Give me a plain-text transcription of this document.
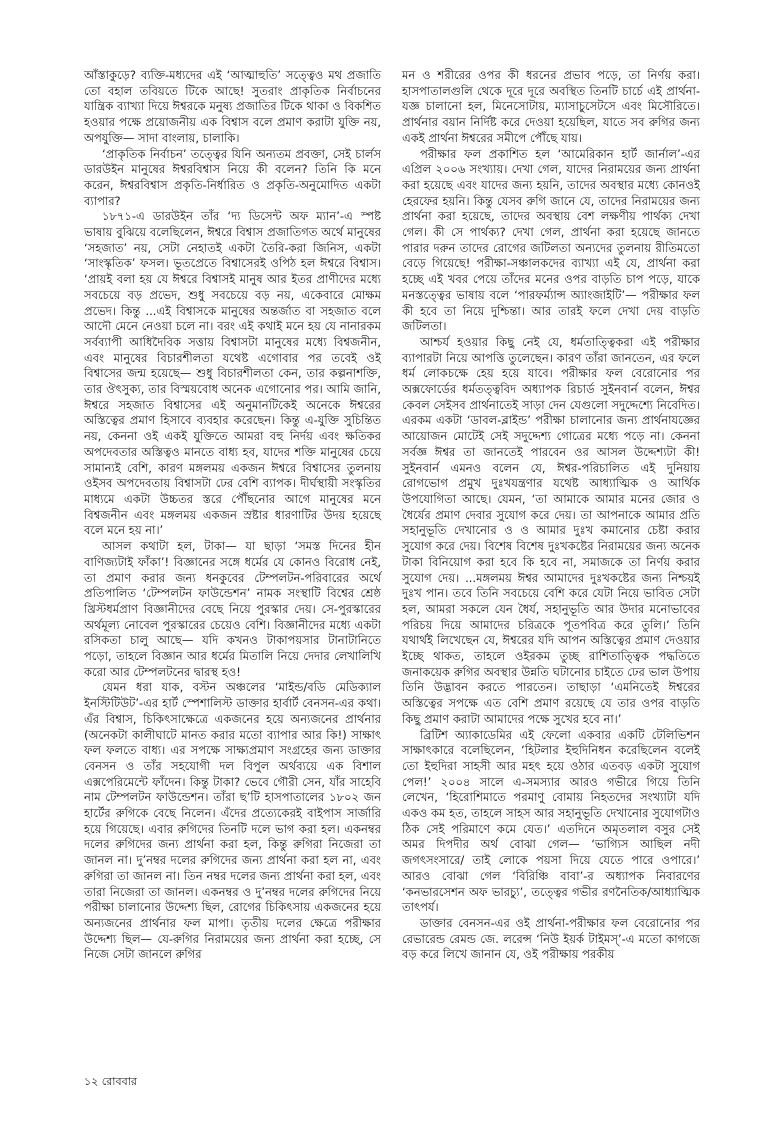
আঁস্তাকুড়ে? ব্যক্তি-মধ্যদের এই ‘আত্মাহুতি’ সত্ত্বেও মথ প্রজাতি তো বহাল তবিয়তে টিকে আছে! সুতরাং প্রাকৃতিক নির্বাচনের যান্ত্রিক ব্যাখ্যা দিয়ে ঈশ্বরকে মনুষ্য প্রজাতির টিকে থাকা ও বিকশিত হওয়ার পক্ষে প্রয়োজনীয় এক বিশ্বাস বলে প্রমাণ করাটা যুক্তি নয়, অপযুক্তি— সাদা বাংলায়, চালাকি।

‘প্রাকৃতিক নির্বাচন’ তত্ত্বের যিনি অন্যতম প্রবক্তা, সেই চার্লস ডারউইন মানুষের ঈশ্বরবিশ্বাস নিয়ে কী বলেন? তিনি কি মনে করেন, ঈশ্বরবিশ্বাস প্রকৃতি-নির্ধারিত ও প্রকৃতি-অনুমোদিত একটা ব্যাপার?

১৮৭১-এ ডারউইন তাঁর ‘দ্য ডিসেন্ট অফ ম্যান’-এ স্পষ্ট ভাষায় বুঝিয়ে বলেছিলেন, ঈশ্বরে বিশ্বাস প্রজাতিগত অর্থে মানুষের ‘সহজাত’ নয়, সেটা নেহাতই একটা তৈরি-করা জিনিস, একটা ‘সাংস্কৃতিক’ ফসল। ভূতপ্রেতে বিশ্বাসেরই ওপিঠ হল ঈশ্বরে বিশ্বাস। ‘প্রায়ই বলা হয় যে ঈশ্বরে বিশ্বাসই মানুষ আর ইতর প্রাণীদের মধ্যে সবচেয়ে বড় প্রভেদ, শুধু সবচেয়ে বড় নয়, একেবারে মোক্ষম প্রভেদ। কিন্তু ...এই বিশ্বাসকে মানুষের অন্তর্জাত বা সহজাত বলে আদৌ মেনে নেওয়া চলে না। বরং এই কথাই মনে হয় যে নানারকম সর্বব্যাপী আধিদৈবিক সত্তায় বিশ্বাসটা মানুষের মধ্যে বিশ্বজনীন, এবং মানুষের বিচারশীলতা যথেষ্ট এগোবার পর তবেই ওই বিশ্বাসের জন্ম হয়েছে— শুধু বিচারশীলতা কেন, তার কল্পনাশক্তি, তার ঔৎসুক্য, তার বিস্ময়বোধ অনেক এগোনোর পর। আমি জানি, ঈশ্বরে সহজাত বিশ্বাসের এই অনুমানটিকেই অনেকে ঈশ্বরের অস্তিত্বের প্রমাণ হিসাবে ব্যবহার করেছেন। কিন্তু এ-যুক্তি সুচিন্তিত নয়, কেননা ওই একই যুক্তিতে আমরা বহু নির্দয় এবং ক্ষতিকর অপদেবতার অস্তিত্বও মানতে বাধ্য হব, যাদের শক্তি মানুষের চেয়ে সামান্যই বেশি, কারণ মঙ্গলময় একজন ঈশ্বরে বিশ্বাসের তুলনায় ওইসব অপদেবতায় বিশ্বাসটা ঢের বেশি ব্যাপক। দীর্ঘস্থায়ী সংস্কৃতির মাধ্যমে একটা উচ্চতর স্তরে পৌঁছনোর আগে মানুষের মনে বিশ্বজনীন এবং মঙ্গলময় একজন স্রষ্টার ধারণাটির উদয় হয়েছে বলে মনে হয় না।’

আসল কথাটা হল, টাকা— যা ছাড়া ‘সমস্ত দিনের হীন বাণিজ্যটাই ফাঁকা’! বিজ্ঞানের সঙ্গে ধর্মের যে কোনও বিরোধ নেই, তা প্রমাণ করার জন্য ধনকুবের টেম্পলটন-পরিবারের অর্থে প্রতিপালিত ‘টেম্পলটন ফাউন্ডেশন’ নামক সংস্থাটি বিশ্বের শ্রেষ্ঠ খ্রিস্টধর্মপ্রাণ বিজ্ঞানীদের বেছে নিয়ে পুরস্কার দেয়। সে-পুরস্কারের অর্থমূল্য নোবেল পুরস্কারের চেয়েও বেশি। বিজ্ঞানীদের মধ্যে একটা রসিকতা চালু আছে— যদি কখনও টাকাপয়সার টানাটানিতে পড়ো, তাহলে বিজ্ঞান আর ধর্মের মিতালি নিয়ে দেদার লেখালিখি করো আর টেম্পলটনের দ্বারস্থ হও!

যেমন ধরা যাক, বস্টন অঞ্চলের ‘মাইন্ড/বডি মেডিক্যাল ইনস্টিটিউট’-এর হার্ট স্পেশালিস্ট ডাক্তার হার্বার্ট বেনসন-এর কথা। এঁর বিশ্বাস, চিকিৎসাক্ষেত্রে একজনের হয়ে অন্যজনের প্রার্থনার (অনেকটা কালীঘাটে মানত করার মতো ব্যাপার আর কি!) সাক্ষাৎ ফল ফলতে বাধ্য। এর সপক্ষে সাক্ষ্যপ্রমাণ সংগ্রহের জন্য ডাক্তার বেনসন ও তাঁর সহযোগী দল বিপুল অর্থব্যয়ে এক বিশাল এক্সপেরিমেন্টে ফাঁদেন। কিন্তু টাকা? ভেবে গৌরী সেন, যাঁর সাহেবি নাম টেম্পলটন ফাউন্ডেশন। তাঁরা ছ’টি হাসপাতালের ১৮০২ জন হার্টের রুগিকে বেছে নিলেন। এঁদের প্রত্যেকেরই বাইপাস সার্জারি হয়ে গিয়েছে। এবার রুগিদের তিনটি দলে ভাগ করা হল। একনম্বর দলের রুগিদের জন্য প্রার্থনা করা হল, কিন্তু রুগিরা নিজেরা তা জানল না। দু’নম্বর দলের রুগিদের জন্য প্রার্থনা করা হল না, এবং রুগিরা তা জানল না। তিন নম্বর দলের জন্য প্রার্থনা করা হল, এবং তারা নিজেরা তা জানল। একনম্বর ও দু’নম্বর দলের রুগিদের নিয়ে পরীক্ষা চালানোর উদ্দেশ্য ছিল, রোগের চিকিৎসায় একজনের হয়ে অন্যজনের প্রার্থনার ফল মাপা। তৃতীয় দলের ক্ষেত্রে পরীক্ষার উদ্দেশ্য ছিল— যে-রুগির নিরাময়ের জন্য প্রার্থনা করা হচ্ছে, সে নিজে সেটা জানলে রুগির

মন ও শরীরের ওপর কী ধরনের প্রভাব পড়ে, তা নির্ণয় করা। হাসপাতালগুলি থেকে দূরে দূরে অবস্থিত তিনটি চার্চে এই প্রার্থনা-যজ্ঞ চালানো হল, মিনেসোটায়, ম্যাসাচুসেটসে এবং মিসৌরিতে। প্রার্থনার বয়ান নির্দিষ্ট করে দেওয়া হয়েছিল, যাতে সব রুগির জন্য একই প্রার্থনা ঈশ্বরের সমীপে পৌঁছে যায়।

পরীক্ষার ফল প্রকাশিত হল ‘আমেরিকান হার্ট জার্নাল’-এর এপ্রিল ২০০৬ সংখ্যায়। দেখা গেল, যাদের নিরাময়ের জন্য প্রার্থনা করা হয়েছে এবং যাদের জন্য হয়নি, তাদের অবস্থার মধ্যে কোনওই হেরফের হয়নি। কিন্তু যেসব রুগি জানে যে, তাদের নিরাময়ের জন্য প্রার্থনা করা হয়েছে, তাদের অবস্থায় বেশ লক্ষণীয় পার্থক্য দেখা গেল। কী সে পার্থক্য? দেখা গেল, প্রার্থনা করা হয়েছে জানতে পারার দরুন তাদের রোগের জটিলতা অন্যদের তুলনায় রীতিমতো বেড়ে গিয়েছে! পরীক্ষা-সঞ্চালকদের ব্যাখ্যা এই যে, প্রার্থনা করা হচ্ছে এই খবর পেয়ে তাঁদের মনের ওপর বাড়তি চাপ পড়ে, যাকে মনস্তত্ত্বের ভাষায় বলে ‘পারফর্ম্যান্স অ্যাংজাইটি’— পরীক্ষার ফল কী হবে তা নিয়ে দুশ্চিন্তা। আর তারই ফলে দেখা দেয় বাড়তি জটিলতা।

আশ্চর্য হওয়ার কিছু নেই যে, ধর্মতাত্ত্বিকরা এই পরীক্ষার ব্যাপারটা নিয়ে আপত্তি তুলেছেন। কারণ তাঁরা জানতেন, এর ফলে ধর্ম লোকচক্ষে হেয় হয়ে যাবে। পরীক্ষার ফল বেরোনোর পর অক্সফোর্ডের ধর্মতত্ত্ববিদ অধ্যাপক রিচার্ড সুইনবার্ন বলেন, ঈশ্বর কেবল সেইসব প্রার্থনাতেই সাড়া দেন যেগুলো সদুদ্দেশ্যে নিবেদিত। এরকম একটা ‘ডাবল-ব্লাইন্ড’ পরীক্ষা চালানোর জন্য প্রার্থনাযজ্ঞের আয়োজন মোটেই সেই সদুদ্দেশ্য গোত্রের মধ্যে পড়ে না। কেননা সর্বজ্ঞ ঈশ্বর তা জানতেই পারবেন ওর আসল উদ্দেশ্যটা কী! সুইনবার্ন এমনও বলেন যে, ঈশ্বর-পরিচালিত এই দুনিয়ায় রোগভোগ প্রমুখ দুঃখযন্ত্রণার যথেষ্ট আধ্যাত্মিক ও আর্থিক উপযোগিতা আছে। যেমন, ‘তা আমাকে আমার মনের জোর ও ধৈর্যের প্রমাণ দেবার সুযোগ করে দেয়। তা আপনাকে আমার প্রতি সহানুভূতি দেখানোর ও ও আমার দুঃখ কমানোর চেষ্টা করার সুযোগ করে দেয়। বিশেষ বিশেষ দুঃখকষ্টের নিরাময়ের জন্য অনেক টাকা বিনিয়োগ করা হবে কি হবে না, সমাজকে তা নির্ণয় করার সুযোগ দেয়। ...মঙ্গলময় ঈশ্বর আমাদের দুঃখকষ্টের জন্য নিশ্চয়ই দুঃখ পান। তবে তিনি সবচেয়ে বেশি করে যেটা নিয়ে ভাবিত সেটা হল, আমরা সকলে যেন ধৈর্য, সহানুভূতি আর উদার মনোভাবের পরিচয় দিয়ে আমাদের চরিত্রকে পূতপবিত্র করে তুলি।’ তিনি যথার্থই লিখেছেন যে, ঈশ্বরের যদি আপন অস্তিত্বের প্রমাণ দেওয়ার ইচ্ছে থাকত, তাহলে ওইরকম তুচ্ছ রাশিতাত্ত্বিক পদ্ধতিতে জনাকয়েক রুগির অবস্থার উন্নতি ঘটানোর চাইতে ঢের ভাল উপায় তিনি উদ্ভাবন করতে পারতেন। তাছাড়া ‘এমনিতেই ঈশ্বরের অস্তিত্বের সপক্ষে এত বেশি প্রমাণ রয়েছে যে তার ওপর বাড়তি কিছু প্রমাণ করাটা আমাদের পক্ষে সুখের হবে না।’

ব্রিটিশ অ্যাকাডেমির এই ফেলো একবার একটি টেলিভিশন সাক্ষাৎকারে বলেছিলেন, ‘হিটলার ইহুদিনিধন করেছিলেন বলেই তো ইহুদিরা সাহসী আর মহৎ হয়ে ওঠার এতবড় একটা সুযোগ পেল!’ ২০০৪ সালে এ-সমস্যার আরও গভীরে গিয়ে তিনি লেখেন, ‘হিরোশিমাতে পরমাণু বোমায় নিহতদের সংখ্যাটা যদি একও কম হত, তাহলে সাহস আর সহানুভূতি দেখানোর সুযোগটাও ঠিক সেই পরিমাণে কমে যেত।’ এতদিনে অমৃতলাল বসুর সেই অমর দিপদীর অর্থ বোঝা গেল— ‘ভাগ্যিস আছিল নদী জগৎসংসারে/ তাই লোকে পয়সা দিয়ে যেতে পারে ওপারে।’ আরও বোঝা গেল ‘বিরিঞ্চি বাবা’-র অধ্যাপক নিবারণের ‘কনভারসেশন অফ ভারচ্যু’, তত্ত্বের গভীর রণনৈতিক/আধ্যাত্মিক তাৎপর্য।

ডাক্তার বেনসন-এর ওই প্রার্থনা-পরীক্ষার ফল বেরোনোর পর রেভারেন্ড রেমন্ড জে. লরেন্স ‘নিউ ইয়র্ক টাইমস্’-এ মতো কাগজে বড় করে লিখে জানান যে, ওই পরীক্ষায় পরকীয়

১২ রোববার
